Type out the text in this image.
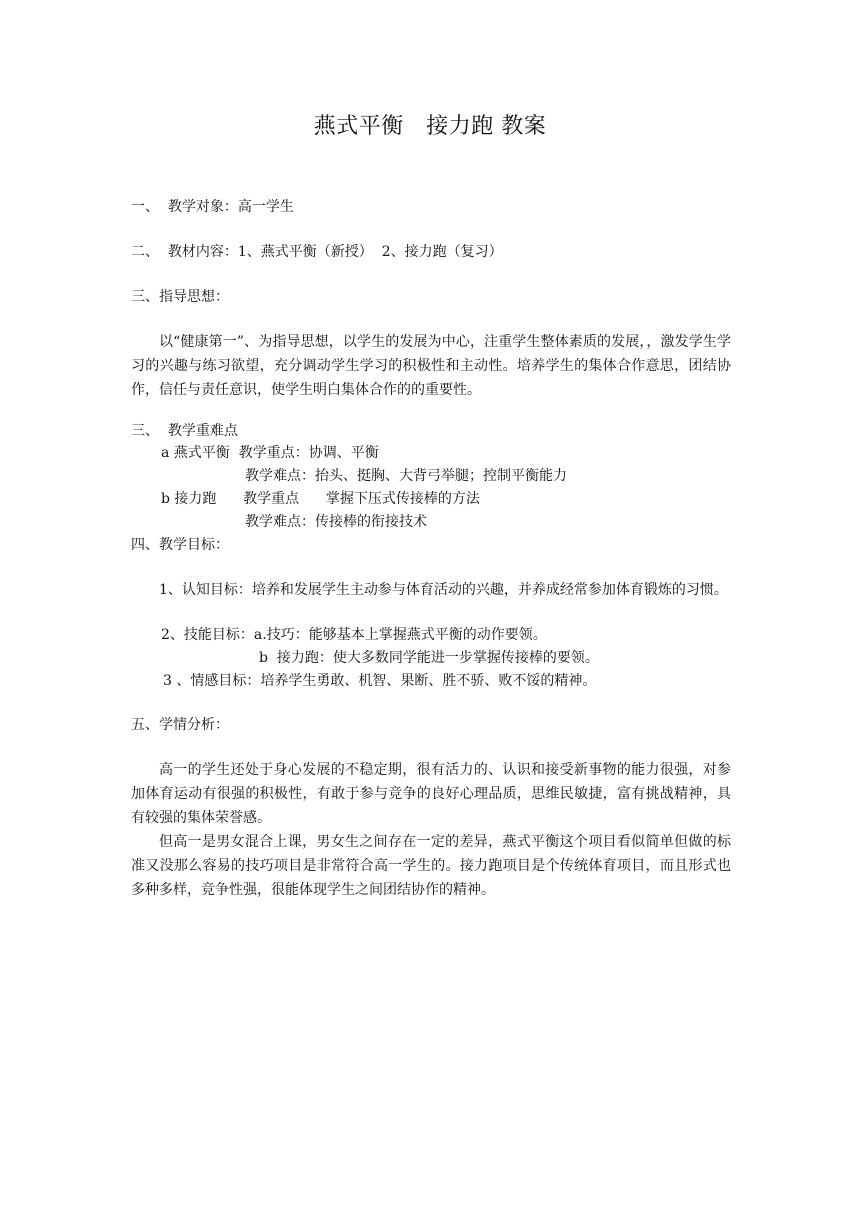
燕式平衡　接力跑 教案
一、  教学对象：高一学生
二、  教材内容：1、燕式平衡（新授）  2、接力跑（复习）
三、指导思想：
以“健康第一”、为指导思想，以学生的发展为中心，注重学生整体素质的发展，，激发学生学习的兴趣与练习欲望，充分调动学生学习的积极性和主动性。培养学生的集体合作意思，团结协作，信任与责任意识，使学生明白集体合作的的重要性。
三、  教学重难点
a 燕式平衡  教学重点：协调、平衡
教学难点：抬头、挺胸、大背弓举腿；控制平衡能力
b 接力跑      教学重点      掌握下压式传接棒的方法
教学难点：传接棒的衔接技术
四、教学目标：
1、认知目标：培养和发展学生主动参与体育活动的兴趣，并养成经常参加体育锻炼的习惯。
2、技能目标：a.技巧：能够基本上掌握燕式平衡的动作要领。
b  接力跑：使大多数同学能进一步掌握传接棒的要领。
3 、情感目标：培养学生勇敢、机智、果断、胜不骄、败不馁的精神。
五、学情分析：
高一的学生还处于身心发展的不稳定期，很有活力的、认识和接受新事物的能力很强，对参加体育运动有很强的积极性，有敢于参与竞争的良好心理品质，思维民敏捷，富有挑战精神，具有较强的集体荣誉感。
但高一是男女混合上课，男女生之间存在一定的差异，燕式平衡这个项目看似简单但做的标准又没那么容易的技巧项目是非常符合高一学生的。接力跑项目是个传统体育项目，而且形式也多种多样，竞争性强，很能体现学生之间团结协作的精神。
